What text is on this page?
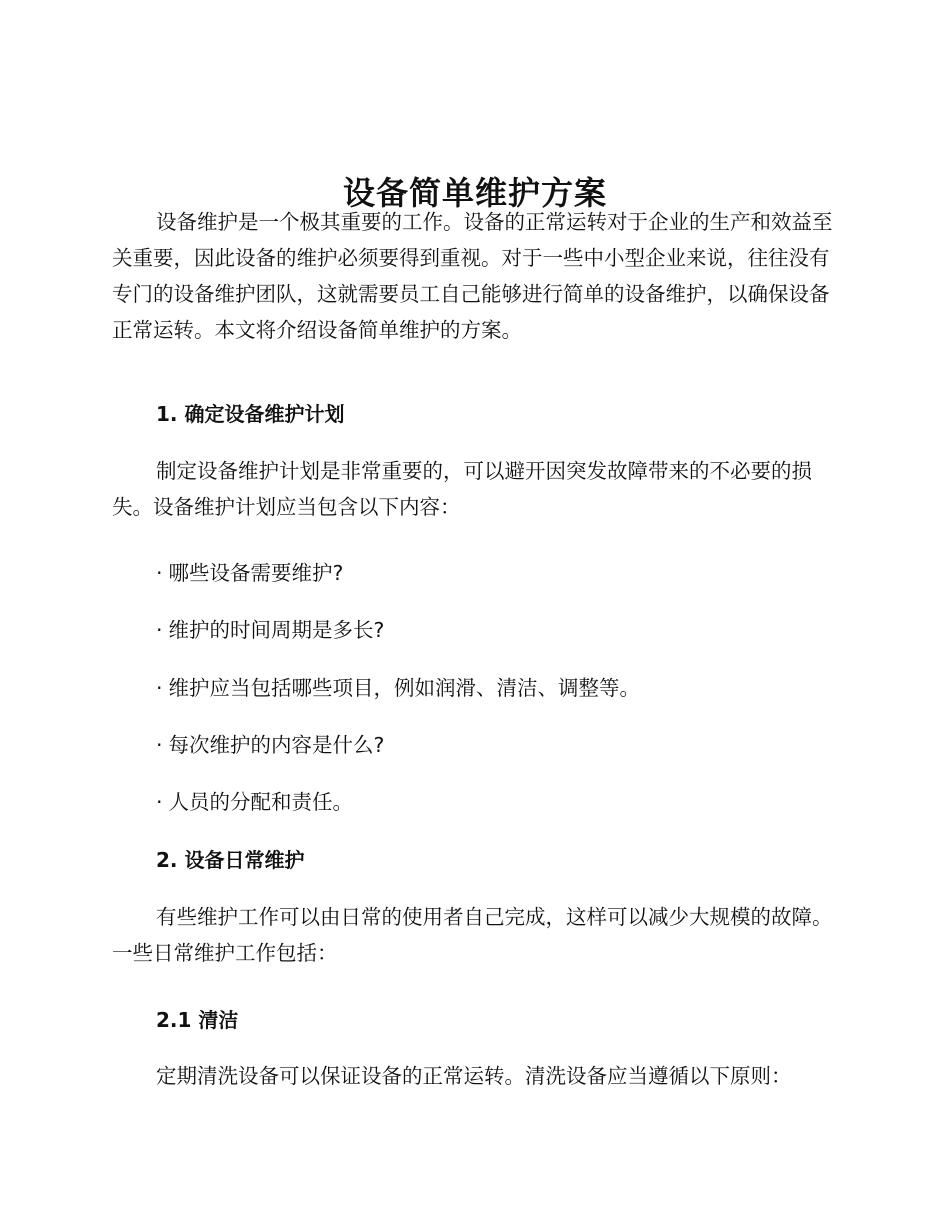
设备简单维护方案

设备维护是一个极其重要的工作。设备的正常运转对于企业的生产和效益至关重要，因此设备的维护必须要得到重视。对于一些中小型企业来说，往往没有专门的设备维护团队，这就需要员工自己能够进行简单的设备维护，以确保设备正常运转。本文将介绍设备简单维护的方案。

1. 确定设备维护计划

制定设备维护计划是非常重要的，可以避开因突发故障带来的不必要的损失。设备维护计划应当包含以下内容：

· 哪些设备需要维护?
· 维护的时间周期是多长?
· 维护应当包括哪些项目，例如润滑、清洁、调整等。
· 每次维护的内容是什么?
· 人员的分配和责任。
2. 设备日常维护

有些维护工作可以由日常的使用者自己完成，这样可以减少大规模的故障。一些日常维护工作包括：

2.1 清洁

定期清洗设备可以保证设备的正常运转。清洗设备应当遵循以下原则：
